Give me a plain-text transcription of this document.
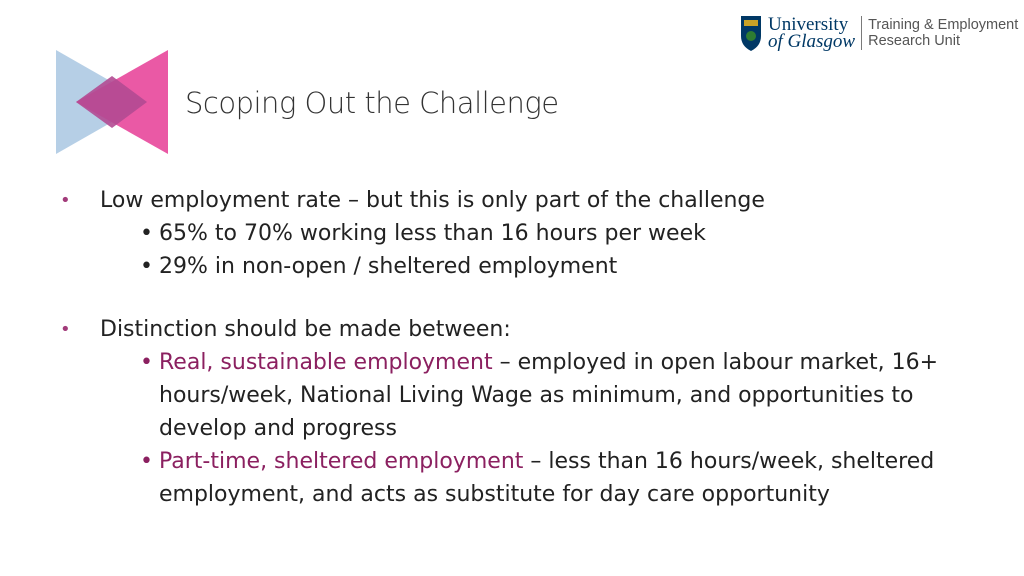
University
of Glasgow
Training & Employment
Research Unit
Scoping Out the Challenge
•	Low employment rate – but this is only part of the challenge
• 65% to 70% working less than 16 hours per week
• 29% in non-open / sheltered employment
•	Distinction should be made between:
• Real, sustainable employment – employed in open labour market, 16+ hours/week, National Living Wage as minimum, and opportunities to develop and progress
• Part-time, sheltered employment – less than 16 hours/week, sheltered employment, and acts as substitute for day care opportunity
